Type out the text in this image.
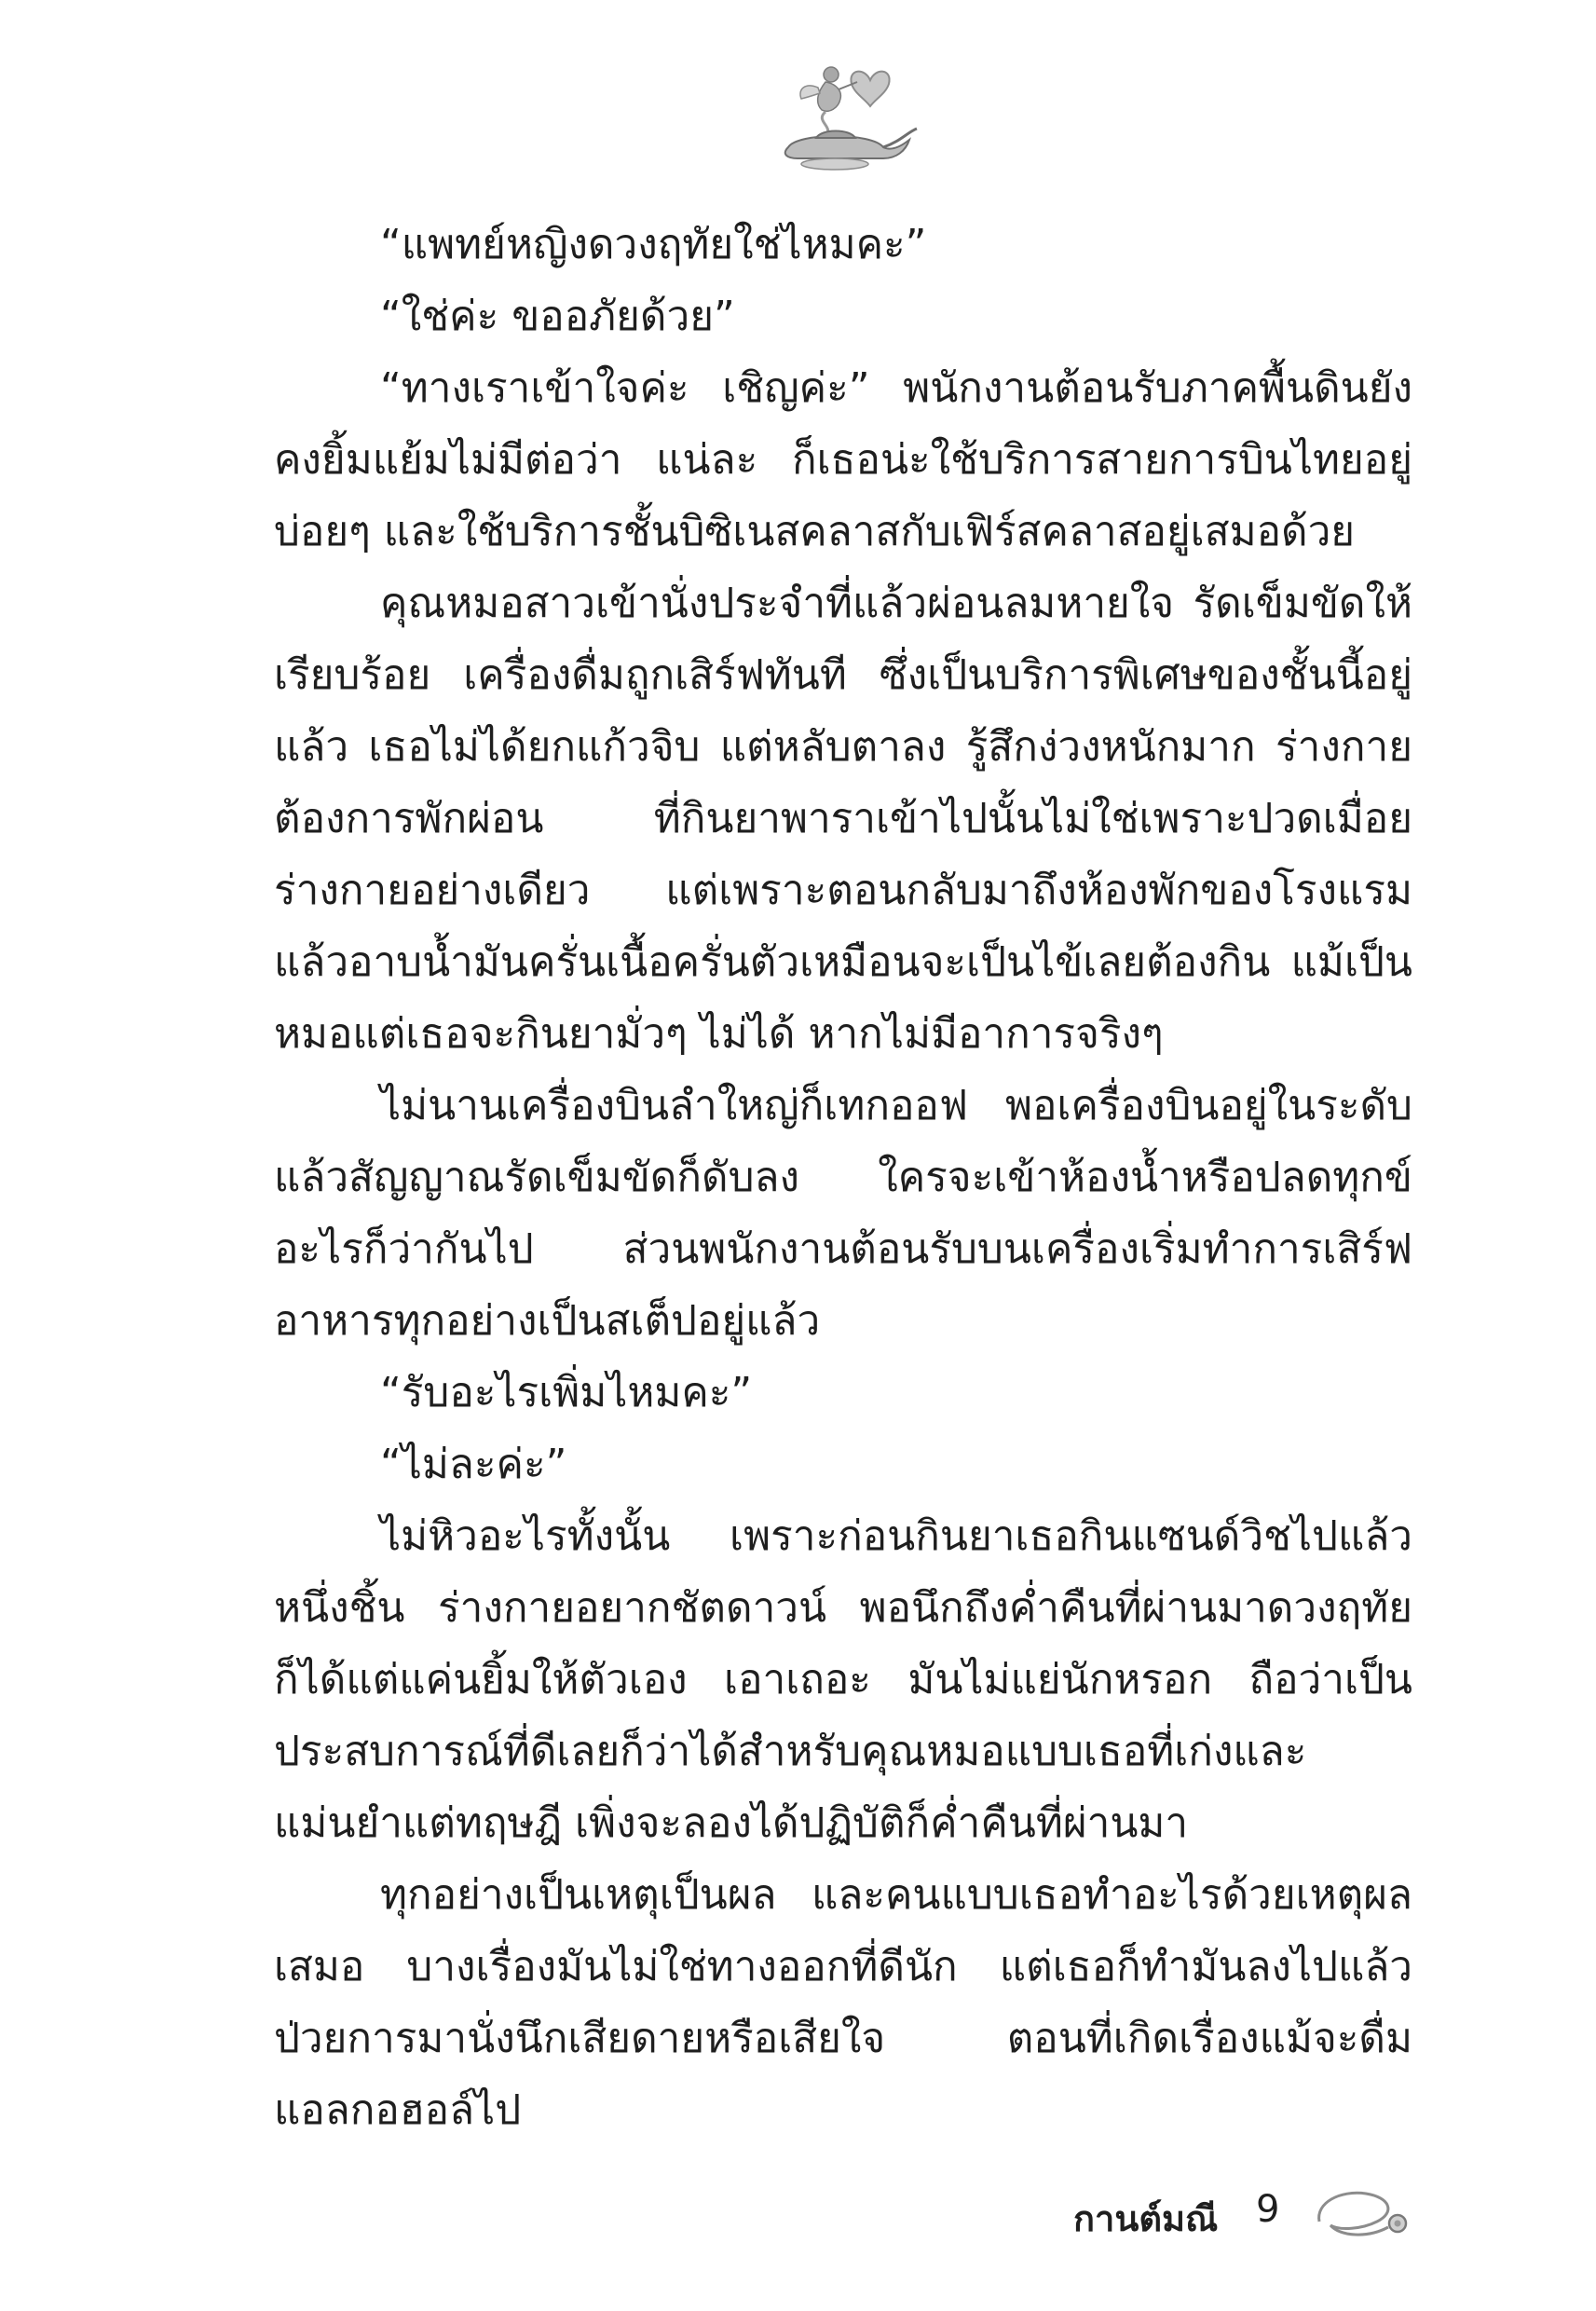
“แพทย์หญิงดวงฤทัยใช่ไหมคะ”

“ใช่ค่ะ ขออภัยด้วย”

“ทางเราเข้าใจค่ะ เชิญค่ะ” พนักงานต้อนรับภาคพื้นดินยังคงยิ้มแย้มไม่มีต่อว่า แน่ละ ก็เธอน่ะใช้บริการสายการบินไทยอยู่บ่อยๆ และใช้บริการชั้นบิซิเนสคลาสกับเฟิร์สคลาสอยู่เสมอด้วย

คุณหมอสาวเข้านั่งประจำที่แล้วผ่อนลมหายใจ รัดเข็มขัดให้เรียบร้อย เครื่องดื่มถูกเสิร์ฟทันที ซึ่งเป็นบริการพิเศษของชั้นนี้อยู่แล้ว เธอไม่ได้ยกแก้วจิบ แต่หลับตาลง รู้สึกง่วงหนักมาก ร่างกายต้องการพักผ่อน ที่กินยาพาราเข้าไปนั้นไม่ใช่เพราะปวดเมื่อยร่างกายอย่างเดียว แต่เพราะตอนกลับมาถึงห้องพักของโรงแรมแล้วอาบน้ำมันครั่นเนื้อครั่นตัวเหมือนจะเป็นไข้เลยต้องกิน แม้เป็นหมอแต่เธอจะกินยามั่วๆ ไม่ได้ หากไม่มีอาการจริงๆ

ไม่นานเครื่องบินลำใหญ่ก็เทกออฟ พอเครื่องบินอยู่ในระดับแล้วสัญญาณรัดเข็มขัดก็ดับลง ใครจะเข้าห้องน้ำหรือปลดทุกข์อะไรก็ว่ากันไป ส่วนพนักงานต้อนรับบนเครื่องเริ่มทำการเสิร์ฟอาหารทุกอย่างเป็นสเต็ปอยู่แล้ว

“รับอะไรเพิ่มไหมคะ”

“ไม่ละค่ะ”

ไม่หิวอะไรทั้งนั้น เพราะก่อนกินยาเธอกินแซนด์วิชไปแล้วหนึ่งชิ้น ร่างกายอยากชัตดาวน์ พอนึกถึงค่ำคืนที่ผ่านมาดวงฤทัยก็ได้แต่แค่นยิ้มให้ตัวเอง เอาเถอะ มันไม่แย่นักหรอก ถือว่าเป็นประสบการณ์ที่ดีเลยก็ว่าได้สำหรับคุณหมอแบบเธอที่เก่งและแม่นยำแต่ทฤษฎี เพิ่งจะลองได้ปฏิบัติก็ค่ำคืนที่ผ่านมา

ทุกอย่างเป็นเหตุเป็นผล และคนแบบเธอทำอะไรด้วยเหตุผลเสมอ บางเรื่องมันไม่ใช่ทางออกที่ดีนัก แต่เธอก็ทำมันลงไปแล้ว ป่วยการมานั่งนึกเสียดายหรือเสียใจ ตอนที่เกิดเรื่องแม้จะดื่มแอลกอฮอล์ไป

กานต์มณี 9
